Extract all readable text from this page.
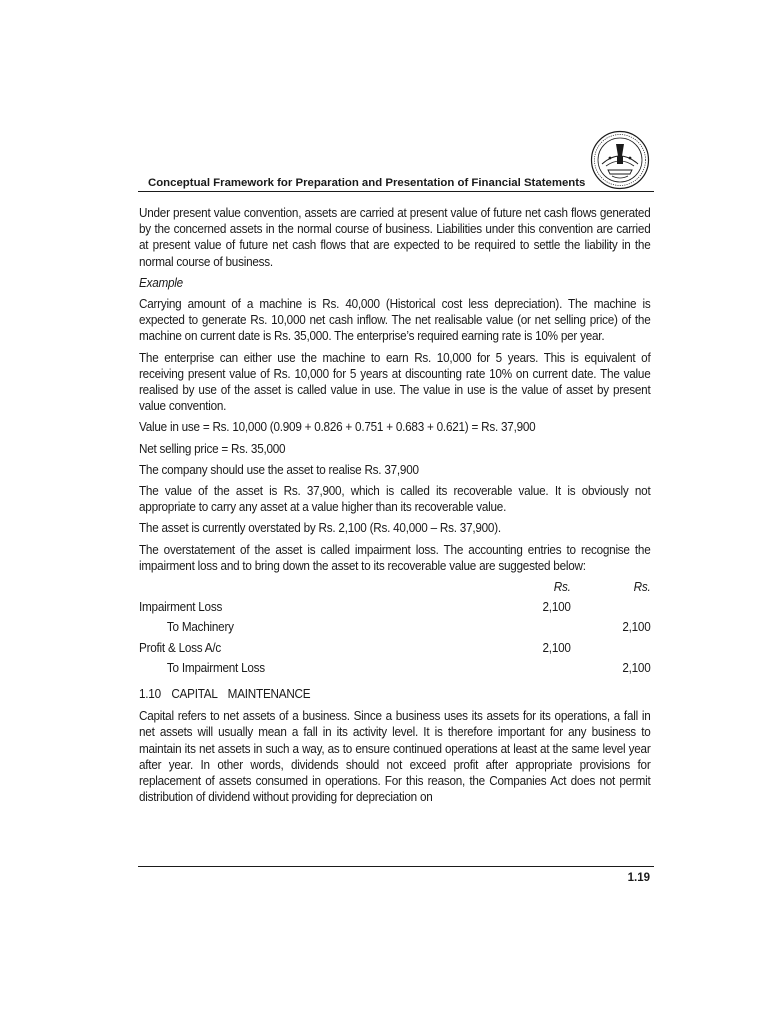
Conceptual Framework for Preparation and Presentation of Financial Statements

Under present value convention, assets are carried at present value of future net cash flows generated by the concerned assets in the normal course of business. Liabilities under this convention are carried at present value of future net cash flows that are expected to be required to settle the liability in the normal course of business.

Example

Carrying amount of a machine is Rs. 40,000 (Historical cost less depreciation). The machine is expected to generate Rs. 10,000 net cash inflow. The net realisable value (or net selling price) of the machine on current date is Rs. 35,000. The enterprise’s required earning rate is 10% per year.

The enterprise can either use the machine to earn Rs. 10,000 for 5 years. This is equivalent of receiving present value of Rs. 10,000 for 5 years at discounting rate 10% on current date. The value realised by use of the asset is called value in use. The value in use is the value of asset by present value convention.

Value in use = Rs. 10,000 (0.909 + 0.826 + 0.751 + 0.683 + 0.621) = Rs. 37,900

Net selling price = Rs. 35,000

The company should use the asset to realise Rs. 37,900

The value of the asset is Rs. 37,900, which is called its recoverable value. It is obviously not appropriate to carry any asset at a value higher than its recoverable value.

The asset is currently overstated by Rs. 2,100 (Rs. 40,000 – Rs. 37,900).

The overstatement of the asset is called impairment loss. The accounting entries to recognise the impairment loss and to bring down the asset to its recoverable value are suggested below:

	Rs.	Rs.
Impairment Loss	2,100	
To Machinery		2,100
Profit & Loss A/c	2,100	
To Impairment Loss		2,100

1.10 CAPITAL MAINTENANCE

Capital refers to net assets of a business. Since a business uses its assets for its operations, a fall in net assets will usually mean a fall in its activity level. It is therefore important for any business to maintain its net assets in such a way, as to ensure continued operations at least at the same level year after year. In other words, dividends should not exceed profit after appropriate provisions for replacement of assets consumed in operations. For this reason, the Companies Act does not permit distribution of dividend without providing for depreciation on

1.19
